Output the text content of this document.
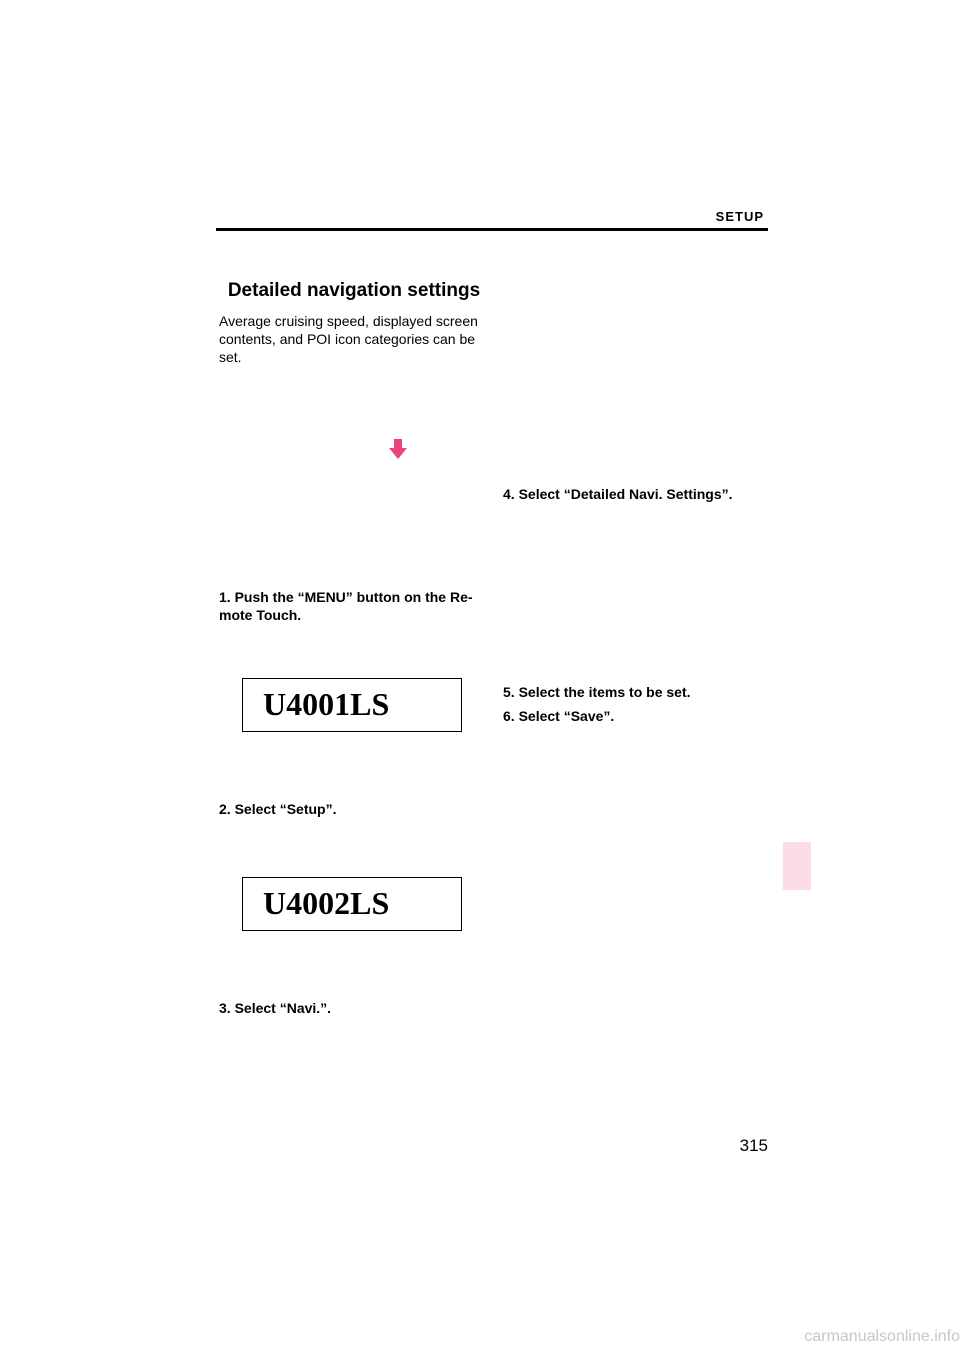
SETUP
Detailed navigation settings
Average cruising speed, displayed screen contents, and POI icon categories can be set.
1. Push the “MENU” button on the Re- mote Touch.
U4001LS
2. Select “Setup”.
U4002LS
3. Select “Navi.”.
4. Select “Detailed Navi. Settings”.
5. Select the items to be set.
6. Select “Save”.
315
carmanualsonline.info
